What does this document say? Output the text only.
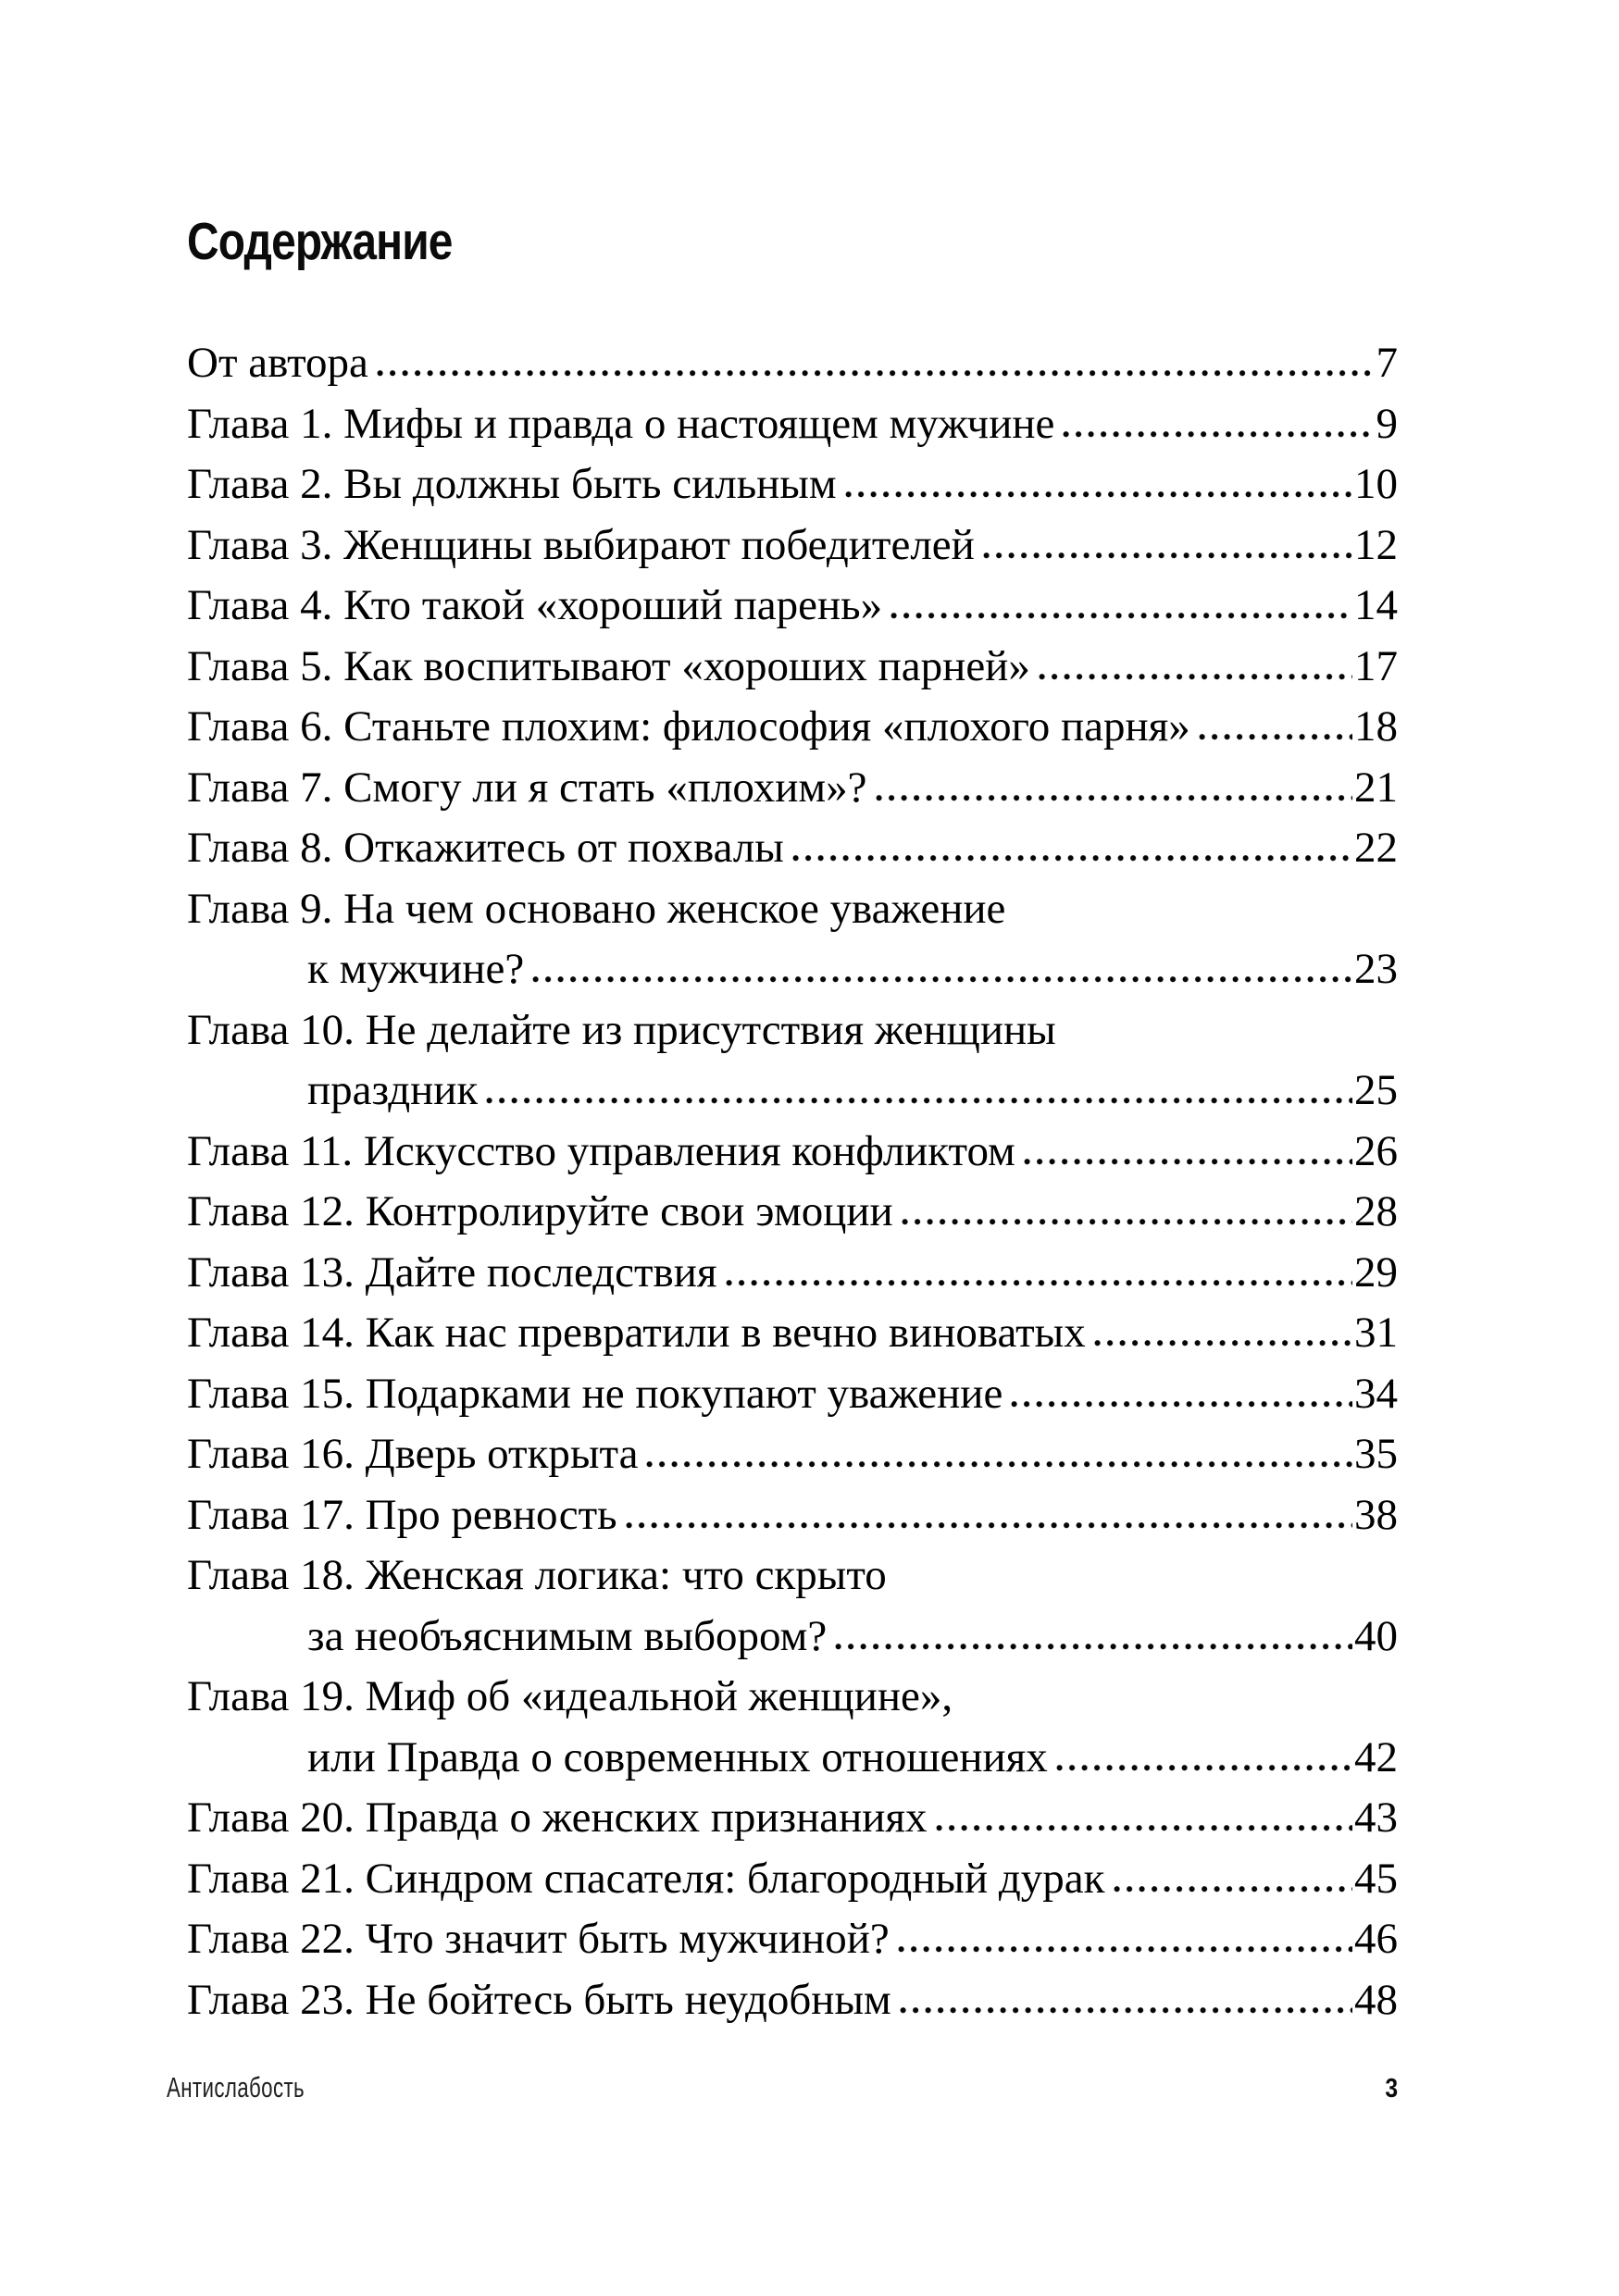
Содержание
От автора	7
Глава 1. Мифы и правда о настоящем мужчине	9
Глава 2. Вы должны быть сильным	10
Глава 3. Женщины выбирают победителей	12
Глава 4. Кто такой «хороший парень»	14
Глава 5. Как воспитывают «хороших парней»	17
Глава 6. Станьте плохим: философия «плохого парня»	18
Глава 7. Смогу ли я стать «плохим»?	21
Глава 8. Откажитесь от похвалы	22
Глава 9. На чем основано женское уважение
к мужчине?	23
Глава 10. Не делайте из присутствия женщины
праздник	25
Глава 11. Искусство управления конфликтом	26
Глава 12. Контролируйте свои эмоции	28
Глава 13. Дайте последствия	29
Глава 14. Как нас превратили в вечно виноватых	31
Глава 15. Подарками не покупают уважение	34
Глава 16. Дверь открыта	35
Глава 17. Про ревность	38
Глава 18. Женская логика: что скрыто
за необъяснимым выбором?	40
Глава 19. Миф об «идеальной женщине»,
или Правда о современных отношениях	42
Глава 20. Правда о женских признаниях	43
Глава 21. Синдром спасателя: благородный дурак	45
Глава 22. Что значит быть мужчиной?	46
Глава 23. Не бойтесь быть неудобным	48
Антислабость	3
